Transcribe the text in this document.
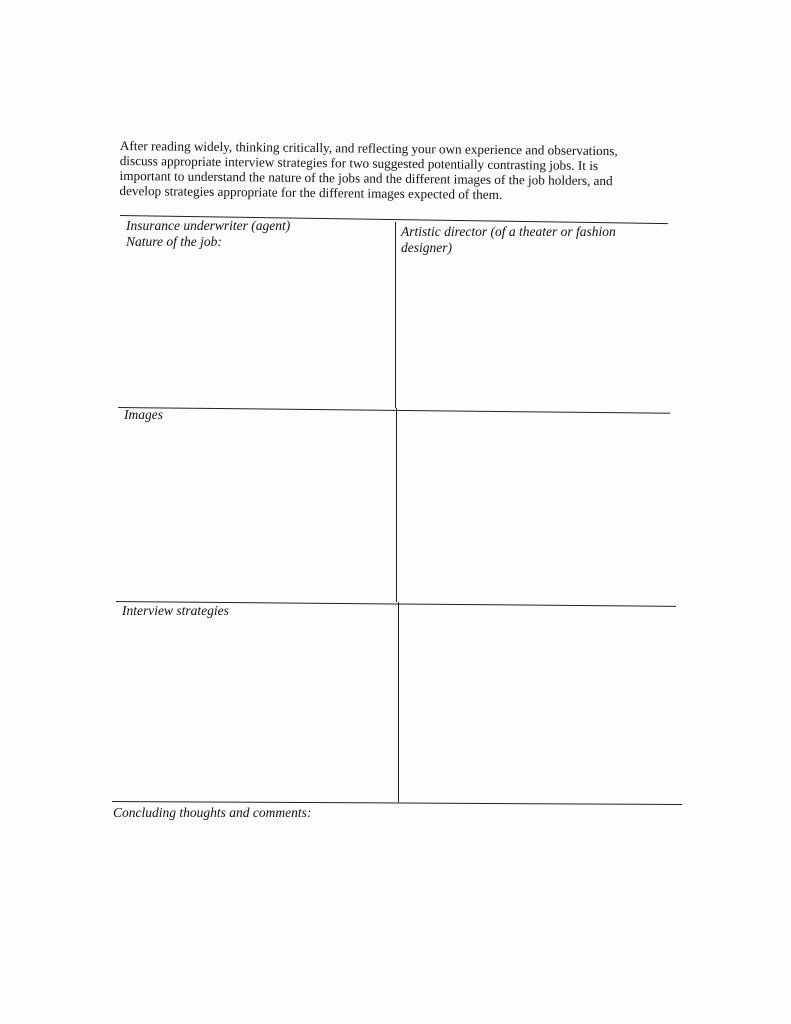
After reading widely, thinking critically, and reflecting your own experience and observations,
discuss appropriate interview strategies for two suggested potentially contrasting jobs. It is
important to understand the nature of the jobs and the different images of the job holders, and
develop strategies appropriate for the different images expected of them.
Insurance underwriter (agent)
Nature of the job:
Artistic director (of a theater or fashion
designer)
Images
Interview strategies
Concluding thoughts and comments:
